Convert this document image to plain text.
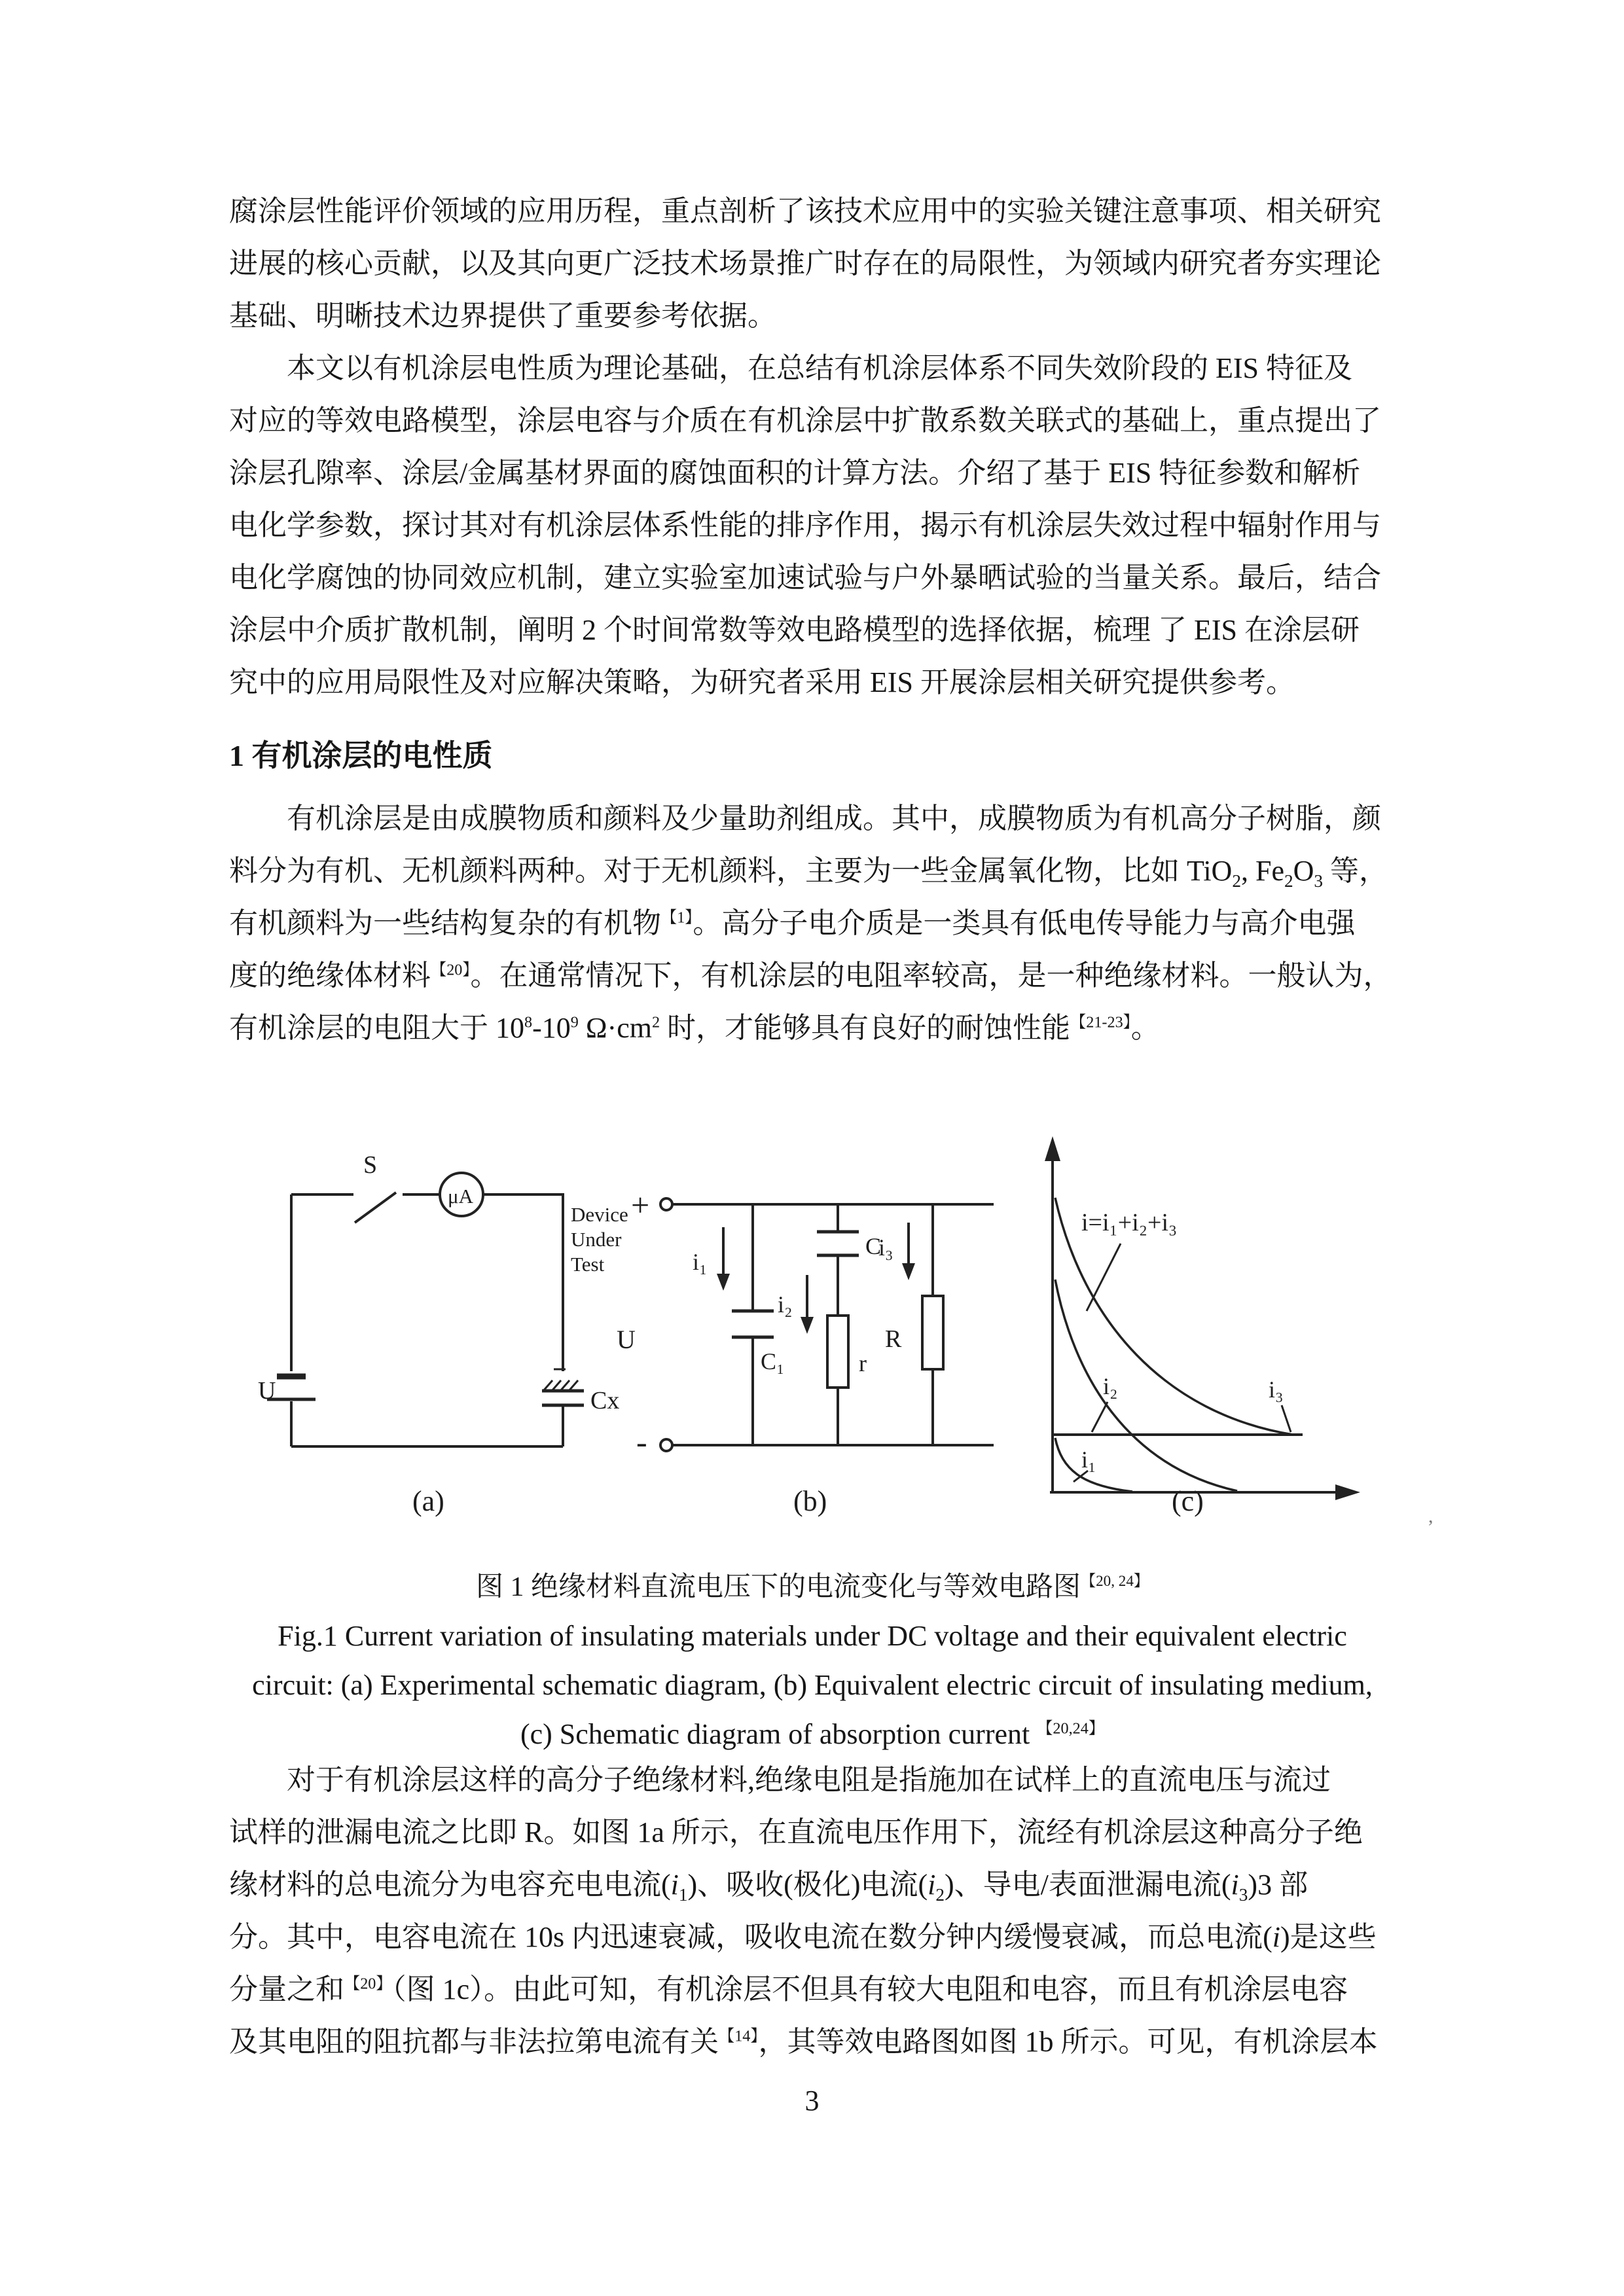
腐涂层性能评价领域的应用历程，重点剖析了该技术应用中的实验关键注意事项、相关研究
进展的核心贡献，以及其向更广泛技术场景推广时存在的局限性，为领域内研究者夯实理论
基础、明晰技术边界提供了重要参考依据。
本文以有机涂层电性质为理论基础，在总结有机涂层体系不同失效阶段的 EIS 特征及
对应的等效电路模型，涂层电容与介质在有机涂层中扩散系数关联式的基础上，重点提出了
涂层孔隙率、涂层/金属基材界面的腐蚀面积的计算方法。介绍了基于 EIS 特征参数和解析
电化学参数，探讨其对有机涂层体系性能的排序作用，揭示有机涂层失效过程中辐射作用与
电化学腐蚀的协同效应机制，建立实验室加速试验与户外暴晒试验的当量关系。最后，结合
涂层中介质扩散机制，阐明 2 个时间常数等效电路模型的选择依据，梳理 了 EIS 在涂层研
究中的应用局限性及对应解决策略，为研究者采用 EIS 开展涂层相关研究提供参考。
1 有机涂层的电性质
有机涂层是由成膜物质和颜料及少量助剂组成。其中，成膜物质为有机高分子树脂，颜
料分为有机、无机颜料两种。对于无机颜料，主要为一些金属氧化物，比如 TiO$_2$, $Fe_2O_3$ 等，
有机颜料为一些结构复杂的有机物$^{【1】}$。高分子电介质是一类具有低电传导能力与高介电强
度的绝缘体材料$^{【20】}$。在通常情况下，有机涂层的电阻率较高，是一种绝缘材料。一般认为，
有机涂层的电阻大于 $10^8-10^9$ $\Omega\cdot cm^2$ 时，才能够具有良好的耐蚀性能$^{【21-23】}$。
S
μA
Device
Under
Test
U	Cx
(a)
+
-
U
i₁
C₁
i₂
C
r
i₃
R
(b)
i=i₁+i₂+i₃
i₂	i₃
i₁
(c)
图 1 绝缘材料直流电压下的电流变化与等效电路图$^{【20, 24】}$
Fig.1 Current variation of insulating materials under DC voltage and their equivalent electric
circuit: (a) Experimental schematic diagram, (b) Equivalent electric circuit of insulating medium,
(c) Schematic diagram of absorption current $^{【20,24】}$
对于有机涂层这样的高分子绝缘材料,绝缘电阻是指施加在试样上的直流电压与流过
试样的泄漏电流之比即 R。如图 1a 所示，在直流电压作用下，流经有机涂层这种高分子绝
缘材料的总电流分为电容充电电流$(i_1)$、吸收(极化)电流$(i_2)$、导电/表面泄漏电流$(i_3)3$ 部
分。其中，电容电流在 10s 内迅速衰减，吸收电流在数分钟内缓慢衰减，而总电流(i)是这些
分量之和$^{【20】}$（图 1c）。由此可知，有机涂层不但具有较大电阻和电容，而且有机涂层电容
及其电阻的阻抗都与非法拉第电流有关$^{【14】}$，其等效电路图如图 1b 所示。可见，有机涂层本
,
3
